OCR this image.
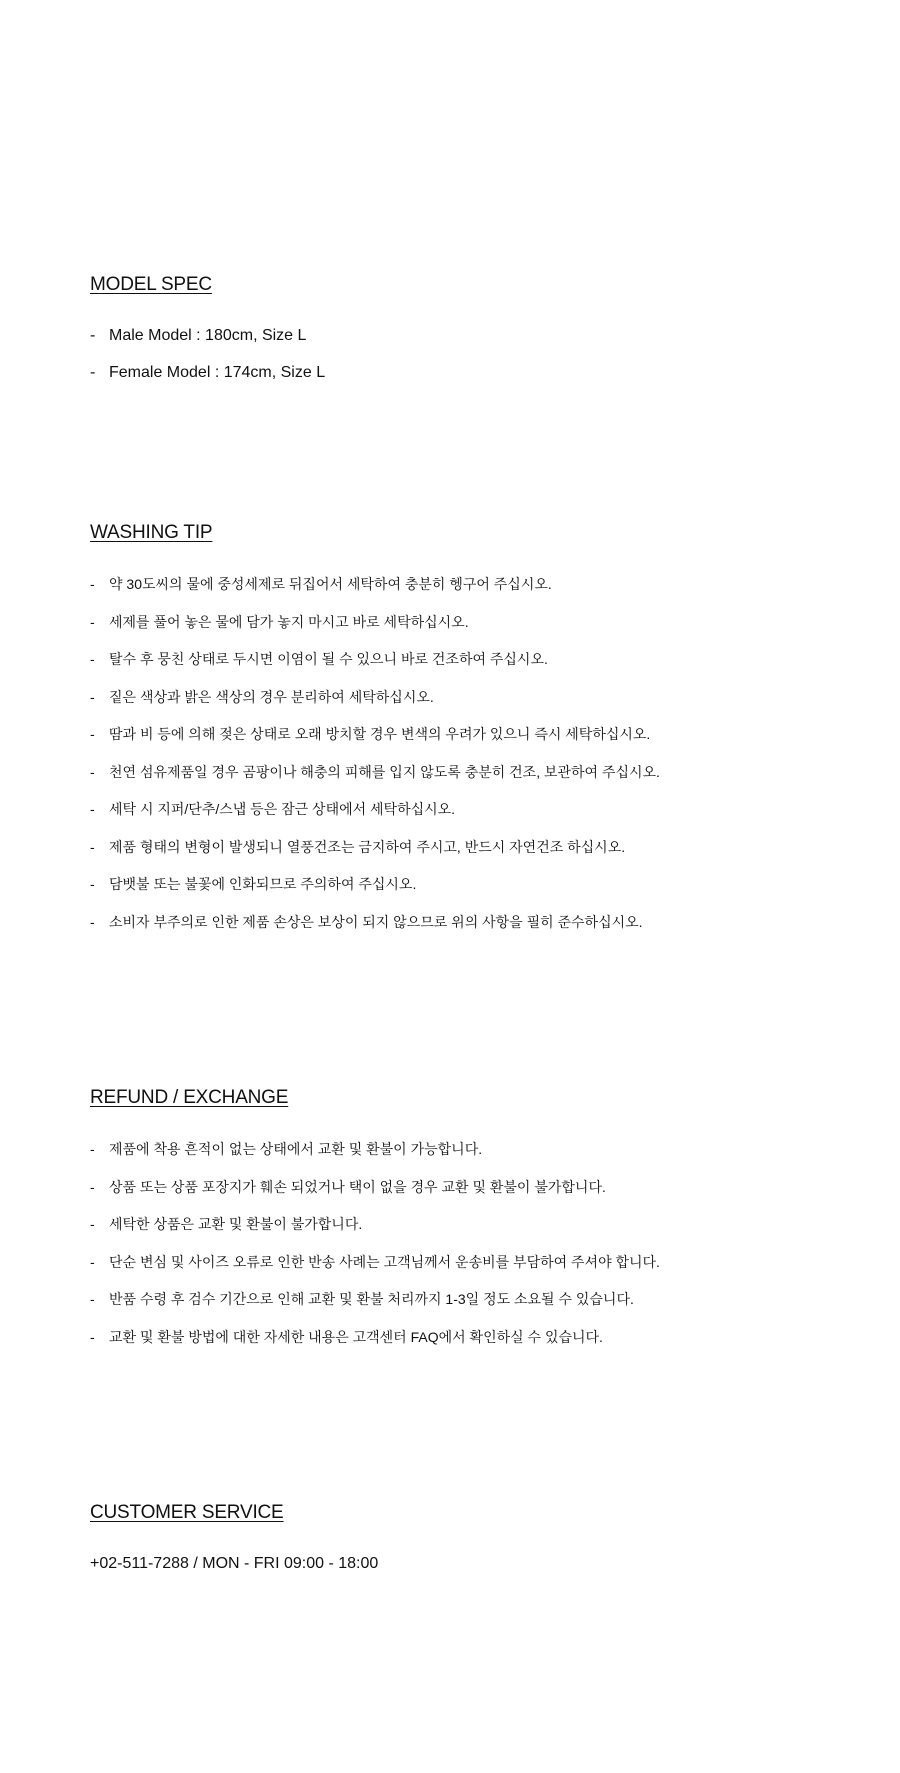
MODEL SPEC
- Male Model : 180cm, Size L
- Female Model : 174cm, Size L
WASHING TIP
- 약 30도씨의 물에 중성세제로 뒤집어서 세탁하여 충분히 헹구어 주십시오.
- 세제를 풀어 놓은 물에 담가 놓지 마시고 바로 세탁하십시오.
- 탈수 후 뭉친 상태로 두시면 이염이 될 수 있으니 바로 건조하여 주십시오.
- 짙은 색상과 밝은 색상의 경우 분리하여 세탁하십시오.
- 땀과 비 등에 의해 젖은 상태로 오래 방치할 경우 변색의 우려가 있으니 즉시 세탁하십시오.
- 천연 섬유제품일 경우 곰팡이나 해충의 피해를 입지 않도록 충분히 건조, 보관하여 주십시오.
- 세탁 시 지퍼/단추/스냅 등은 잠근 상태에서 세탁하십시오.
- 제품 형태의 변형이 발생되니 열풍건조는 금지하여 주시고, 반드시 자연건조 하십시오.
- 담뱃불 또는 불꽃에 인화되므로 주의하여 주십시오.
- 소비자 부주의로 인한 제품 손상은 보상이 되지 않으므로 위의 사항을 필히 준수하십시오.
REFUND / EXCHANGE
- 제품에 착용 흔적이 없는 상태에서 교환 및 환불이 가능합니다.
- 상품 또는 상품 포장지가 훼손 되었거나 택이 없을 경우 교환 및 환불이 불가합니다.
- 세탁한 상품은 교환 및 환불이 불가합니다.
- 단순 변심 및 사이즈 오류로 인한 반송 사례는 고객님께서 운송비를 부담하여 주셔야 합니다.
- 반품 수령 후 검수 기간으로 인해 교환 및 환불 처리까지 1-3일 정도 소요될 수 있습니다.
- 교환 및 환불 방법에 대한 자세한 내용은 고객센터 FAQ에서 확인하실 수 있습니다.
CUSTOMER SERVICE
+02-511-7288 / MON - FRI 09:00 - 18:00
